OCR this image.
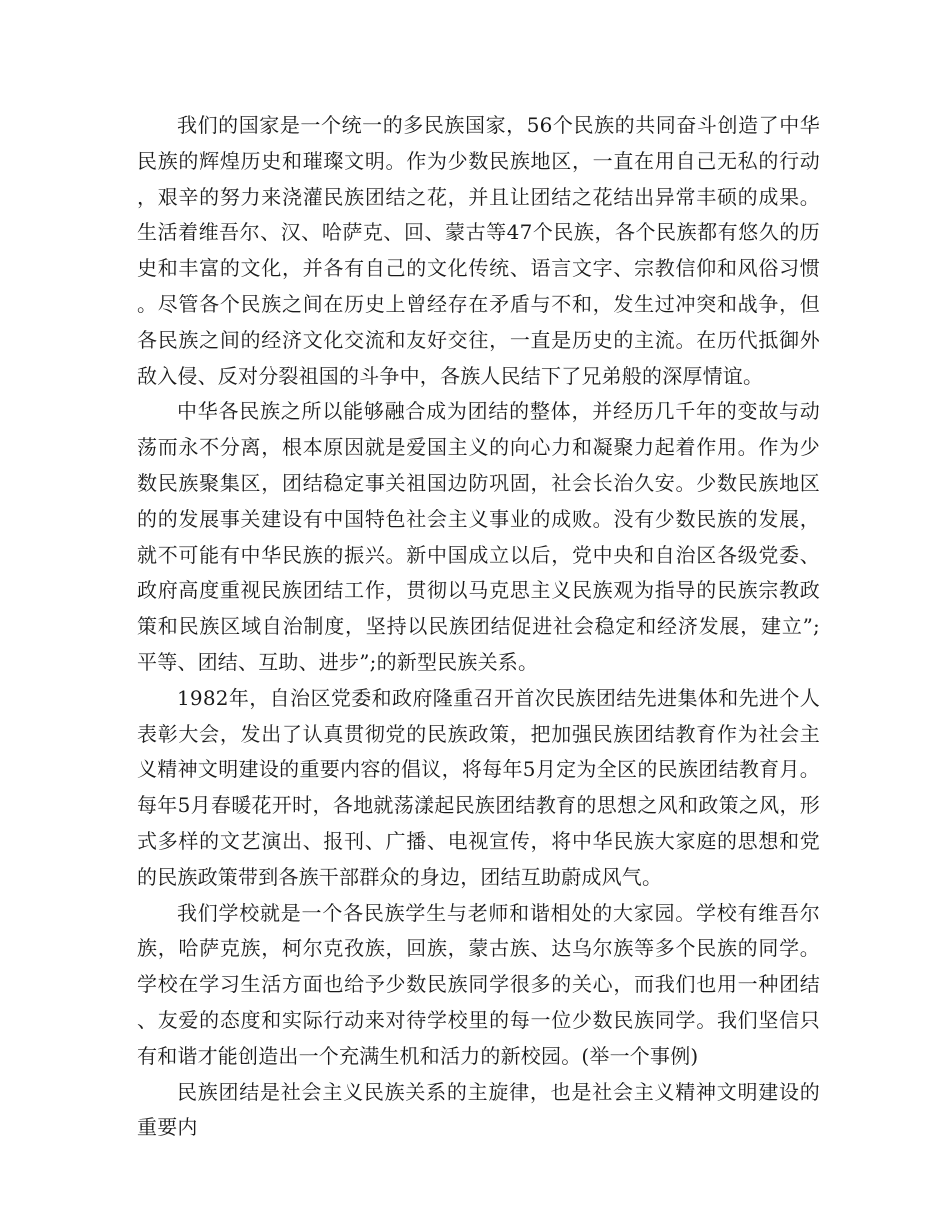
我们的国家是一个统一的多民族国家，56个民族的共同奋斗创造了中华民族的辉煌历史和璀璨文明。作为少数民族地区，一直在用自己无私的行动，艰辛的努力来浇灌民族团结之花，并且让团结之花结出异常丰硕的成果。  生活着维吾尔、汉、哈萨克、回、蒙古等47个民族，各个民族都有悠久的历史和丰富的文化，并各有自己的文化传统、语言文字、宗教信仰和风俗习惯。尽管各个民族之间在历史上曾经存在矛盾与不和，发生过冲突和战争，但各民族之间的经济文化交流和友好交往，一直是历史的主流。在历代抵御外敌入侵、反对分裂祖国的斗争中，各族人民结下了兄弟般的深厚情谊。

中华各民族之所以能够融合成为团结的整体，并经历几千年的变故与动荡而永不分离，根本原因就是爱国主义的向心力和凝聚力起着作用。作为少数民族聚集区，团结稳定事关祖国边防巩固，社会长治久安。少数民族地区的的发展事关建设有中国特色社会主义事业的成败。没有少数民族的发展，就不可能有中华民族的振兴。新中国成立以后，党中央和自治区各级党委、政府高度重视民族团结工作，贯彻以马克思主义民族观为指导的民族宗教政策和民族区域自治制度，坚持以民族团结促进社会稳定和经济发展，建立”;平等、团结、互助、进步”;的新型民族关系。

1982年，自治区党委和政府隆重召开首次民族团结先进集体和先进个人表彰大会，发出了认真贯彻党的民族政策，把加强民族团结教育作为社会主义精神文明建设的重要内容的倡议，将每年5月定为全区的民族团结教育月。每年5月春暖花开时，各地就荡漾起民族团结教育的思想之风和政策之风，形式多样的文艺演出、报刊、广播、电视宣传，将中华民族大家庭的思想和党的民族政策带到各族干部群众的身边，团结互助蔚成风气。

我们学校就是一个各民族学生与老师和谐相处的大家园。学校有维吾尔族，哈萨克族，柯尔克孜族，回族，蒙古族、达乌尔族等多个民族的同学。学校在学习生活方面也给予少数民族同学很多的关心，而我们也用一种团结、友爱的态度和实际行动来对待学校里的每一位少数民族同学。我们坚信只有和谐才能创造出一个充满生机和活力的新校园。(举一个事例)

民族团结是社会主义民族关系的主旋律，也是社会主义精神文明建设的重要内
